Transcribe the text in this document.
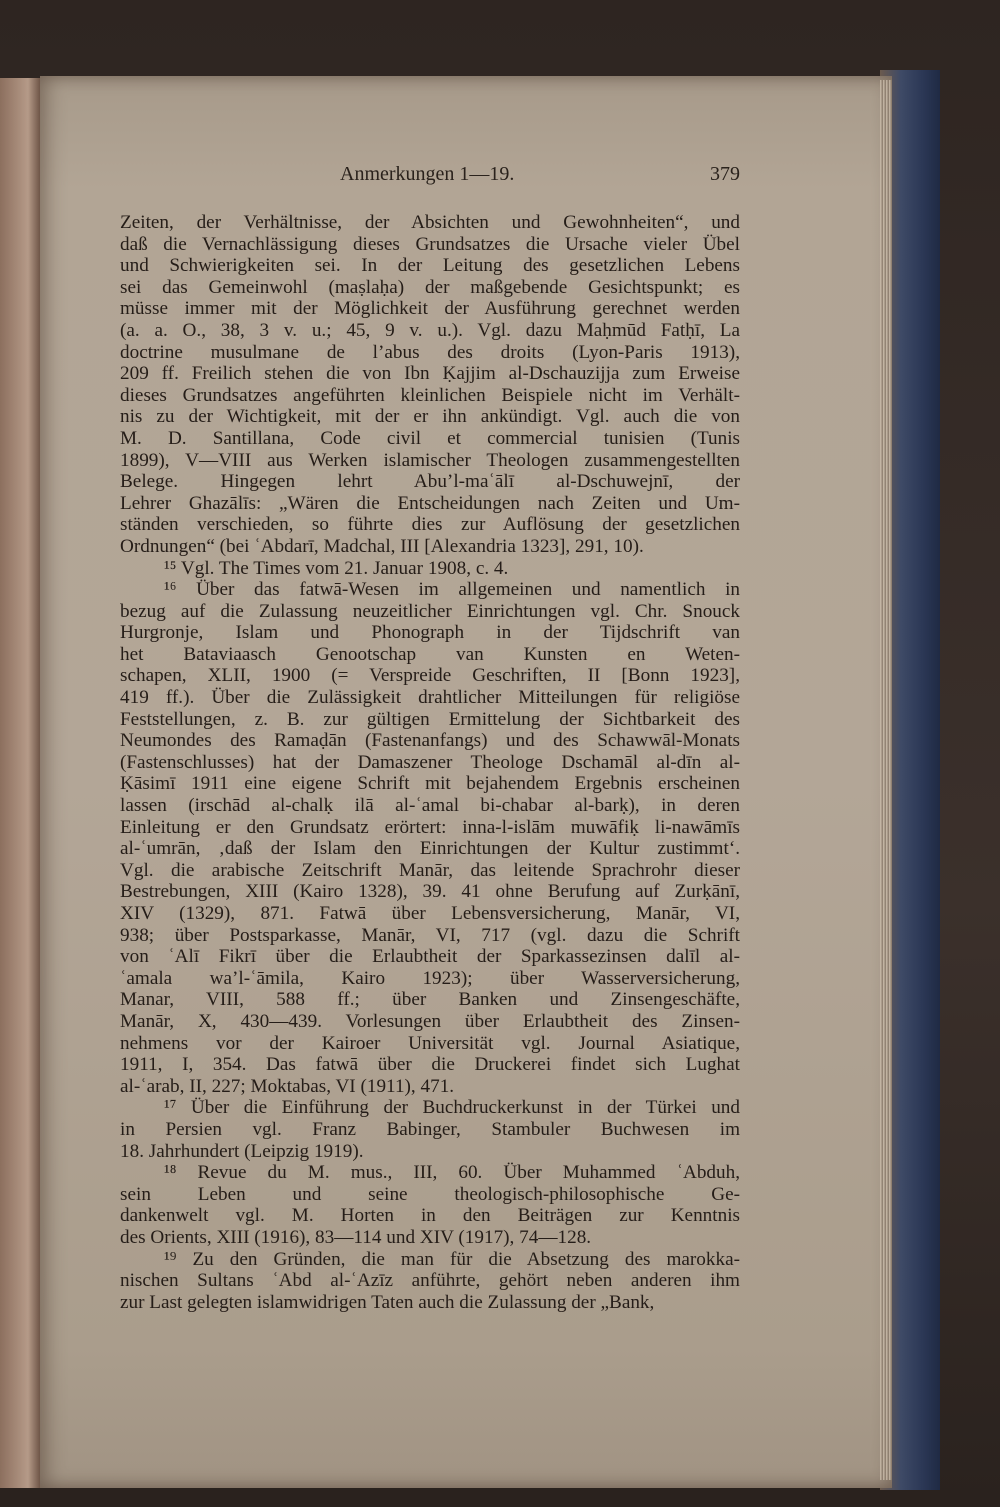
Anmerkungen 1—19.	379
Zeiten, der Verhältnisse, der Absichten und Gewohnheiten“, und
daß die Vernachlässigung dieses Grundsatzes die Ursache vieler Übel
und Schwierigkeiten sei. In der Leitung des gesetzlichen Lebens
sei das Gemeinwohl (maṣlaḥa) der maßgebende Gesichtspunkt; es
müsse immer mit der Möglichkeit der Ausführung gerechnet werden
(a. a. O., 38, 3 v. u.; 45, 9 v. u.). Vgl. dazu Maḥmūd Fatḥī, La
doctrine musulmane de l’abus des droits (Lyon-Paris 1913),
209 ff. Freilich stehen die von Ibn Ḳajjim al-Dschauzijja zum Erweise
dieses Grundsatzes angeführten kleinlichen Beispiele nicht im Verhält-
nis zu der Wichtigkeit, mit der er ihn ankündigt. Vgl. auch die von
M. D. Santillana, Code civil et commercial tunisien (Tunis
1899), V—VIII aus Werken islamischer Theologen zusammengestellten
Belege. Hingegen lehrt Abu’l-maʿālī al-Dschuwejnī, der
Lehrer Ghazālīs: „Wären die Entscheidungen nach Zeiten und Um-
ständen verschieden, so führte dies zur Auflösung der gesetzlichen
Ordnungen“ (bei ʿAbdarī, Madchal, III [Alexandria 1323], 291, 10).
¹⁵ Vgl. The Times vom 21. Januar 1908, c. 4.
¹⁶ Über das fatwā-Wesen im allgemeinen und namentlich in
bezug auf die Zulassung neuzeitlicher Einrichtungen vgl. Chr. Snouck
Hurgronje, Islam und Phonograph in der Tijdschrift van
het Bataviaasch Genootschap van Kunsten en Weten-
schapen, XLII, 1900 (= Verspreide Geschriften, II [Bonn 1923],
419 ff.). Über die Zulässigkeit drahtlicher Mitteilungen für religiöse
Feststellungen, z. B. zur gültigen Ermittelung der Sichtbarkeit des
Neumondes des Ramaḍān (Fastenanfangs) und des Schawwāl-Monats
(Fastenschlusses) hat der Damaszener Theologe Dschamāl al-dīn al-
Ḳāsimī 1911 eine eigene Schrift mit bejahendem Ergebnis erscheinen
lassen (irschād al-chalḳ ilā al-ʿamal bi-chabar al-barḳ), in deren
Einleitung er den Grundsatz erörtert: inna-l-islām muwāfiḳ li-nawāmīs
al-ʿumrān, ‚daß der Islam den Einrichtungen der Kultur zustimmt‘.
Vgl. die arabische Zeitschrift Manār, das leitende Sprachrohr dieser
Bestrebungen, XIII (Kairo 1328), 39. 41 ohne Berufung auf Zurḳānī,
XIV (1329), 871. Fatwā über Lebensversicherung, Manār, VI,
938; über Postsparkasse, Manār, VI, 717 (vgl. dazu die Schrift
von ʿAlī Fikrī über die Erlaubtheit der Sparkassezinsen dalīl al-
ʿamala wa’l-ʿāmila, Kairo 1923); über Wasserversicherung,
Manar, VIII, 588 ff.; über Banken und Zinsengeschäfte,
Manār, X, 430—439. Vorlesungen über Erlaubtheit des Zinsen-
nehmens vor der Kairoer Universität vgl. Journal Asiatique,
1911, I, 354. Das fatwā über die Druckerei findet sich Lughat
al-ʿarab, II, 227; Moktabas, VI (1911), 471.
¹⁷ Über die Einführung der Buchdruckerkunst in der Türkei und
in Persien vgl. Franz Babinger, Stambuler Buchwesen im
18. Jahrhundert (Leipzig 1919).
¹⁸ Revue du M. mus., III, 60. Über Muhammed ʿAbduh,
sein Leben und seine theologisch-philosophische Ge-
dankenwelt vgl. M. Horten in den Beiträgen zur Kenntnis
des Orients, XIII (1916), 83—114 und XIV (1917), 74—128.
¹⁹ Zu den Gründen, die man für die Absetzung des marokka-
nischen Sultans ʿAbd al-ʿAzīz anführte, gehört neben anderen ihm
zur Last gelegten islamwidrigen Taten auch die Zulassung der „Bank,
